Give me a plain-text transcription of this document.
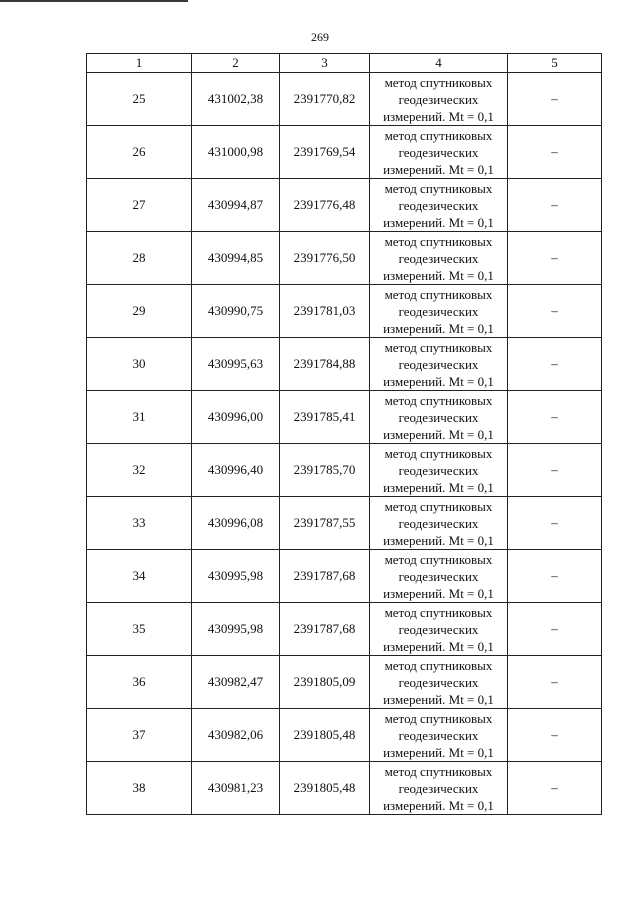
269
1	2	3	4	5
25	431002,38	2391770,82	метод спутниковых
геодезических
измерений. Mt = 0,1	–
26	431000,98	2391769,54	метод спутниковых
геодезических
измерений. Mt = 0,1	–
27	430994,87	2391776,48	метод спутниковых
геодезических
измерений. Mt = 0,1	–
28	430994,85	2391776,50	метод спутниковых
геодезических
измерений. Mt = 0,1	–
29	430990,75	2391781,03	метод спутниковых
геодезических
измерений. Mt = 0,1	–
30	430995,63	2391784,88	метод спутниковых
геодезических
измерений. Mt = 0,1	–
31	430996,00	2391785,41	метод спутниковых
геодезических
измерений. Mt = 0,1	–
32	430996,40	2391785,70	метод спутниковых
геодезических
измерений. Mt = 0,1	–
33	430996,08	2391787,55	метод спутниковых
геодезических
измерений. Mt = 0,1	–
34	430995,98	2391787,68	метод спутниковых
геодезических
измерений. Mt = 0,1	–
35	430995,98	2391787,68	метод спутниковых
геодезических
измерений. Mt = 0,1	–
36	430982,47	2391805,09	метод спутниковых
геодезических
измерений. Mt = 0,1	–
37	430982,06	2391805,48	метод спутниковых
геодезических
измерений. Mt = 0,1	–
38	430981,23	2391805,48	метод спутниковых
геодезических
измерений. Mt = 0,1	–
